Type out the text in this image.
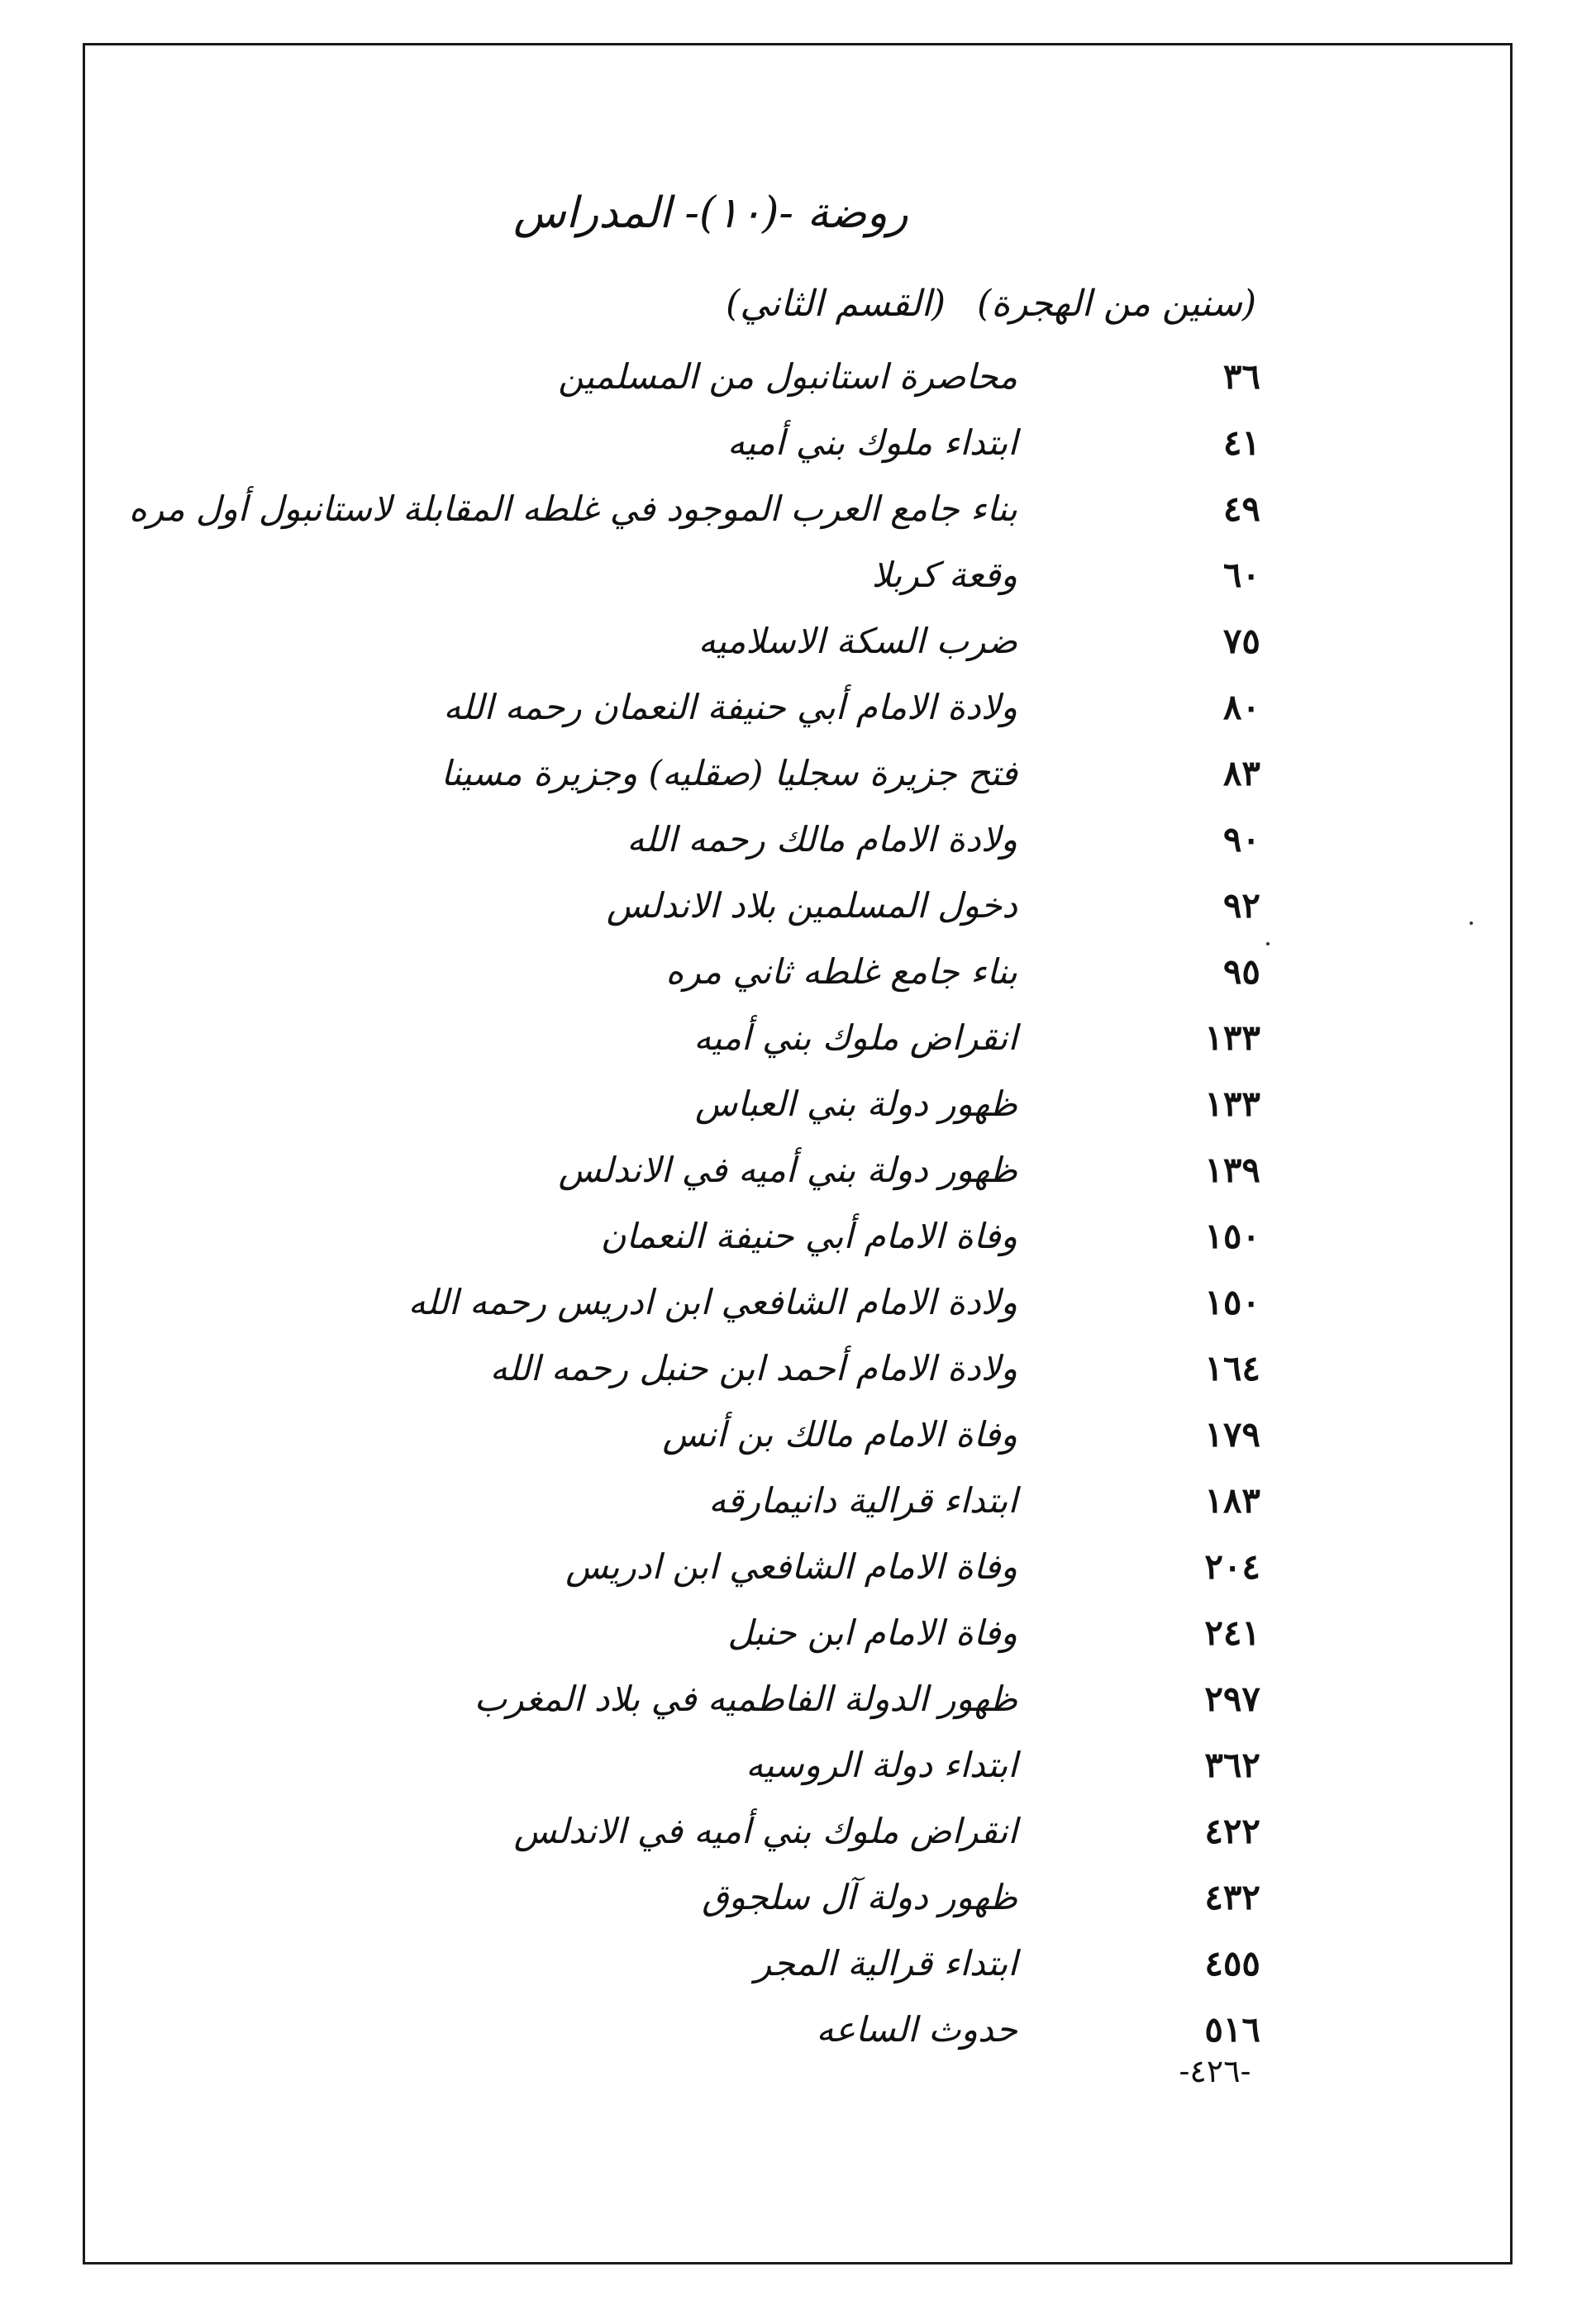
روضة -(١٠)- المدراس
(سنين من الهجرة) (القسم الثاني)
٣٦
محاصرة استانبول من المسلمين
٤١
ابتداء ملوك بني أميه
٤٩
بناء جامع العرب الموجود في غلطه المقابلة لاستانبول أول مره
٦٠
وقعة كربلا
٧٥
ضرب السكة الاسلاميه
٨٠
ولادة الامام أبي حنيفة النعمان رحمه الله
٨٣
فتح جزيرة سجليا (صقليه) وجزيرة مسينا
٩٠
ولادة الامام مالك رحمه الله
٩٢
دخول المسلمين بلاد الاندلس
٩٥
بناء جامع غلطه ثاني مره
١٣٣
انقراض ملوك بني أميه
١٣٣
ظهور دولة بني العباس
١٣٩
ظهور دولة بني أميه في الاندلس
١٥٠
وفاة الامام أبي حنيفة النعمان
١٥٠
ولادة الامام الشافعي ابن ادريس رحمه الله
١٦٤
ولادة الامام أحمد ابن حنبل رحمه الله
١٧٩
وفاة الامام مالك بن أنس
١٨٣
ابتداء قرالية دانيمارقه
٢٠٤
وفاة الامام الشافعي ابن ادريس
٢٤١
وفاة الامام ابن حنبل
٢٩٧
ظهور الدولة الفاطميه في بلاد المغرب
٣٦٢
ابتداء دولة الروسيه
٤٢٢
انقراض ملوك بني أميه في الاندلس
٤٣٢
ظهور دولة آل سلجوق
٤٥٥
ابتداء قرالية المجر
٥١٦
حدوث الساعه
-٤٢٦-
